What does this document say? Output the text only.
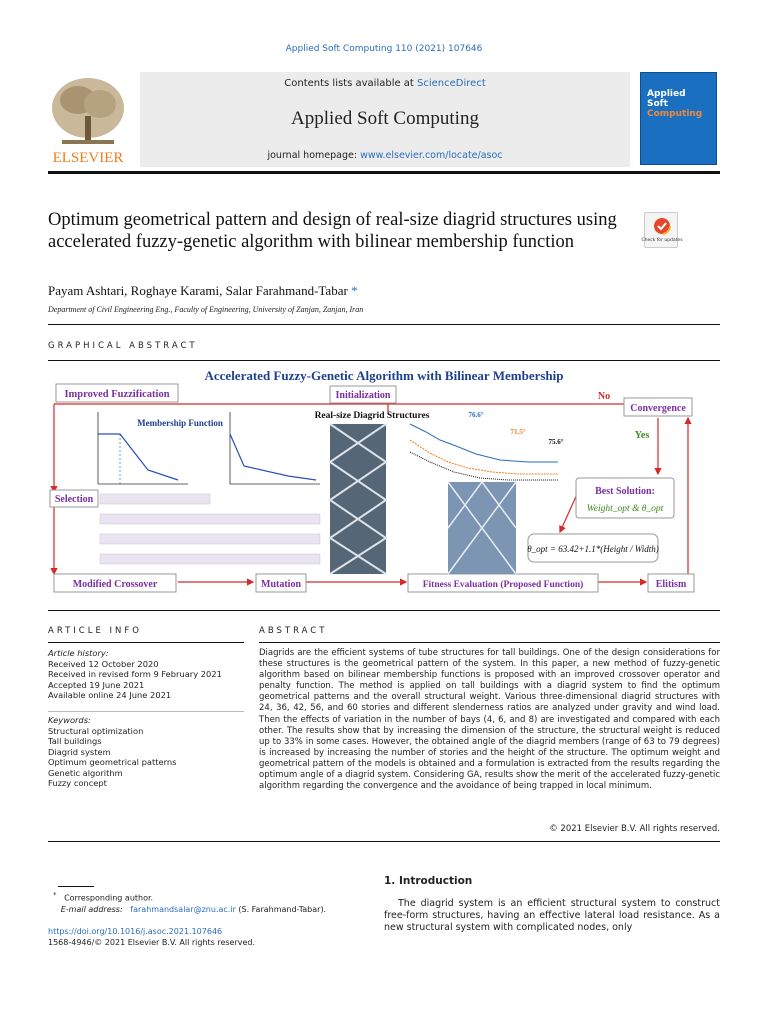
Applied Soft Computing 110 (2021) 107646
ELSEVIER
Contents lists available at ScienceDirect
Applied Soft Computing
journal homepage: www.elsevier.com/locate/asoc
Applied
Soft
Computing
Optimum geometrical pattern and design of real-size diagrid structures using accelerated fuzzy-genetic algorithm with bilinear membership function	Check for updates
Payam Ashtari, Roghaye Karami, Salar Farahmand-Tabar *
Department of Civil Engineering Eng., Faculty of Engineering, University of Zanjan, Zanjan, Iran
GRAPHICAL ABSTRACT
Accelerated Fuzzy-Genetic Algorithm with Bilinear Membership
Improved Fuzzification	Initialization	No
Convergence
Yes
Selection
Modified Crossover	Mutation	Fitness Evaluation (Proposed Function)	Elitism
Best Solution:
Weight_opt & θ_opt
θ_opt = 63.42+1.1*(Height / Width)
Membership Function
Real-size Diagrid Structures	76.6°
71.5°
75.6°
ARTICLE INFO	ABSTRACT
Article history:
Received 12 October 2020
Received in revised form 9 February 2021
Accepted 19 June 2021
Available online 24 June 2021
Keywords:
Structural optimization
Tall buildings
Diagrid system
Optimum geometrical patterns
Genetic algorithm
Fuzzy concept
Diagrids are the efficient systems of tube structures for tall buildings. One of the design considerations for these structures is the geometrical pattern of the system. In this paper, a new method of fuzzy-genetic algorithm based on bilinear membership functions is proposed with an improved crossover operator and penalty function. The method is applied on tall buildings with a diagrid system to find the optimum geometrical patterns and the overall structural weight. Various three-dimensional diagrid structures with 24, 36, 42, 56, and 60 stories and different slenderness ratios are analyzed under gravity and wind load. Then the effects of variation in the number of bays (4, 6, and 8) are investigated and compared with each other. The results show that by increasing the dimension of the structure, the structural weight is reduced up to 33% in some cases. However, the obtained angle of the diagrid members (range of 63 to 79 degrees) is increased by increasing the number of stories and the height of the structure. The optimum weight and geometrical pattern of the models is obtained and a formulation is extracted from the results regarding the optimum angle of a diagrid system. Considering GA, results show the merit of the accelerated fuzzy-genetic algorithm regarding the convergence and the avoidance of being trapped in local minimum.
© 2021 Elsevier B.V. All rights reserved.
* Corresponding author.
E-mail address: farahmandsalar@znu.ac.ir (S. Farahmand-Tabar).
https://doi.org/10.1016/j.asoc.2021.107646
1568-4946/© 2021 Elsevier B.V. All rights reserved.
1. Introduction
The diagrid system is an efficient structural system to construct free-form structures, having an effective lateral load resistance. As a new structural system with complicated nodes, only
